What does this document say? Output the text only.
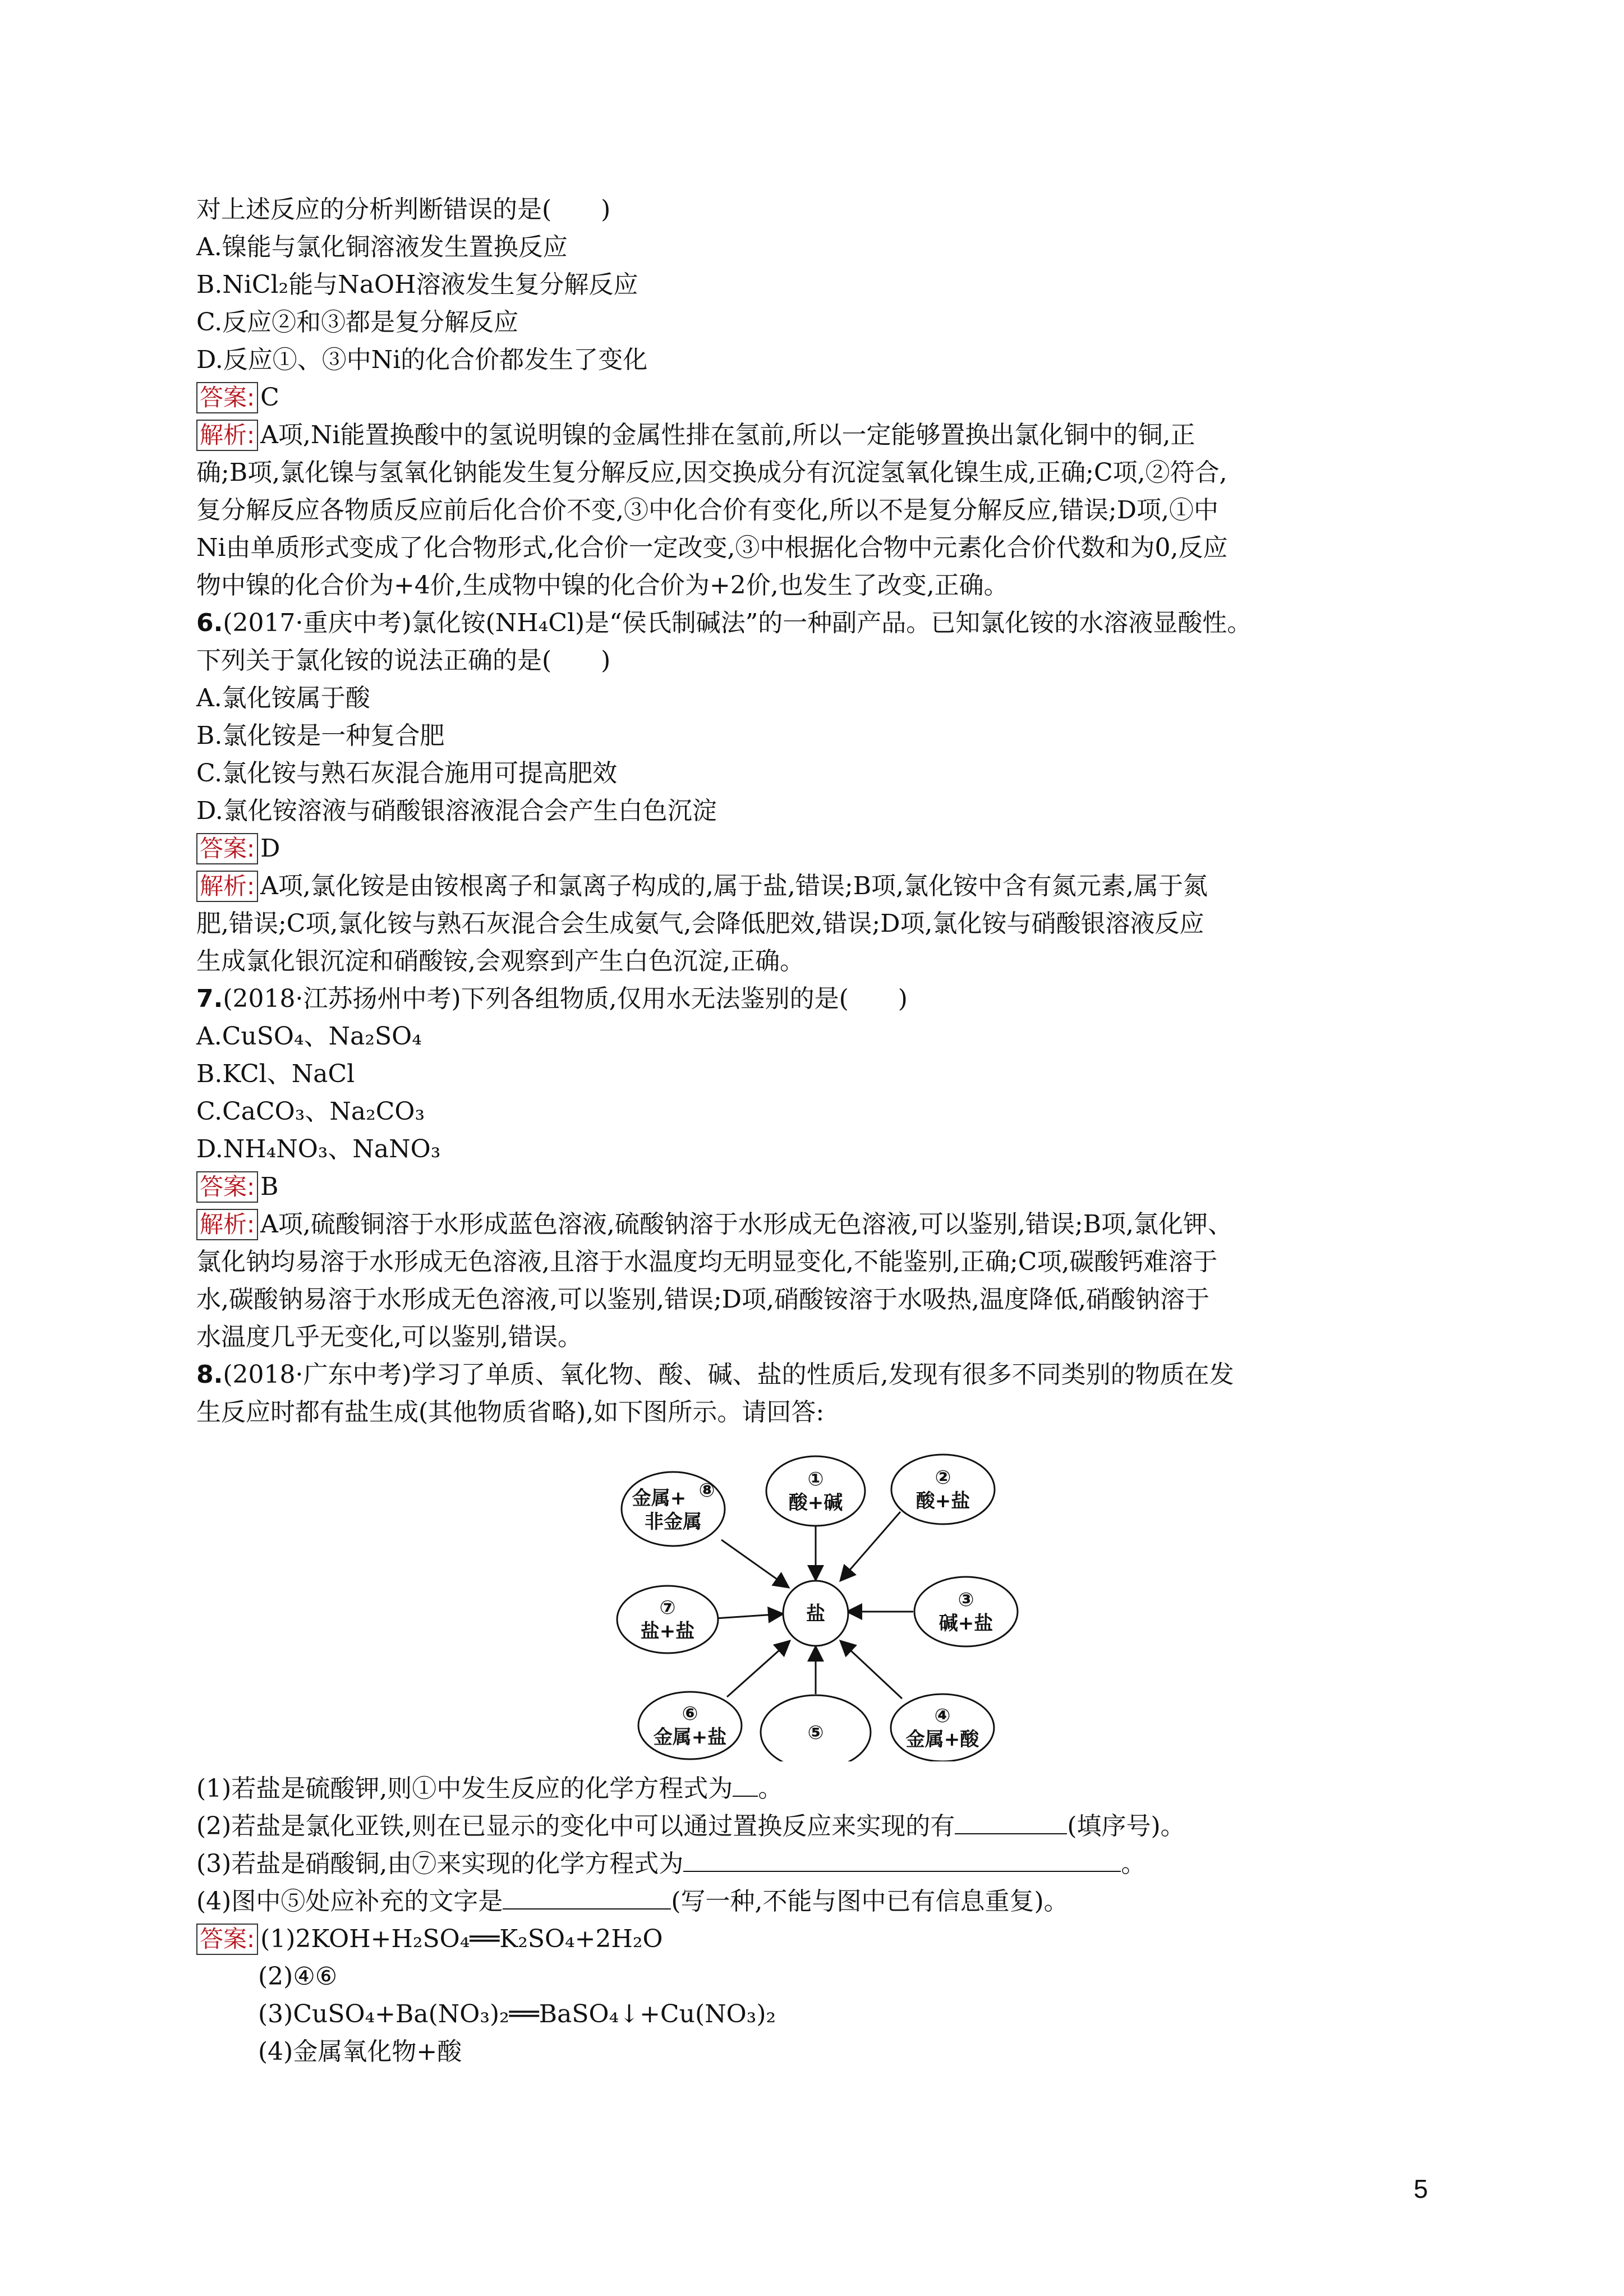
对上述反应的分析判断错误的是(　　)

A.镍能与氯化铜溶液发生置换反应

B.NiCl₂能与NaOH溶液发生复分解反应

C.反应②和③都是复分解反应

D.反应①、③中Ni的化合价都发生了变化

答案: C

解析: A项,Ni能置换酸中的氢说明镍的金属性排在氢前,所以一定能够置换出氯化铜中的铜,正

确;B项,氯化镍与氢氧化钠能发生复分解反应,因交换成分有沉淀氢氧化镍生成,正确;C项,②符合,

复分解反应各物质反应前后化合价不变,③中化合价有变化,所以不是复分解反应,错误;D项,①中

Ni由单质形式变成了化合物形式,化合价一定改变,③中根据化合物中元素化合价代数和为0,反应

物中镍的化合价为+4价,生成物中镍的化合价为+2价,也发生了改变,正确。

6.(2017·重庆中考)氯化铵(NH₄Cl)是“侯氏制碱法”的一种副产品。已知氯化铵的水溶液显酸性。

下列关于氯化铵的说法正确的是(　　)

A.氯化铵属于酸

B.氯化铵是一种复合肥

C.氯化铵与熟石灰混合施用可提高肥效

D.氯化铵溶液与硝酸银溶液混合会产生白色沉淀

答案: D

解析: A项,氯化铵是由铵根离子和氯离子构成的,属于盐,错误;B项,氯化铵中含有氮元素,属于氮

肥,错误;C项,氯化铵与熟石灰混合会生成氨气,会降低肥效,错误;D项,氯化铵与硝酸银溶液反应

生成氯化银沉淀和硝酸铵,会观察到产生白色沉淀,正确。

7.(2018·江苏扬州中考)下列各组物质,仅用水无法鉴别的是(　　)

A.CuSO₄、Na₂SO₄

B.KCl、NaCl

C.CaCO₃、Na₂CO₃

D.NH₄NO₃、NaNO₃

答案: B

解析: A项,硫酸铜溶于水形成蓝色溶液,硫酸钠溶于水形成无色溶液,可以鉴别,错误;B项,氯化钾、

氯化钠均易溶于水形成无色溶液,且溶于水温度均无明显变化,不能鉴别,正确;C项,碳酸钙难溶于

水,碳酸钠易溶于水形成无色溶液,可以鉴别,错误;D项,硝酸铵溶于水吸热,温度降低,硝酸钠溶于

水温度几乎无变化,可以鉴别,错误。

8.(2018·广东中考)学习了单质、氧化物、酸、碱、盐的性质后,发现有很多不同类别的物质在发

生反应时都有盐生成(其他物质省略),如下图所示。请回答:

盐
①
酸+碱
②
酸+盐
③
碱+盐
④
金属+酸
⑤
⑥
金属+盐
⑦
盐+盐
⑧
金属+
非金属

(1)若盐是硫酸钾,则①中发生反应的化学方程式为 。

(2)若盐是氯化亚铁,则在已显示的变化中可以通过置换反应来实现的有	(填序号)。

(3)若盐是硝酸铜,由⑦来实现的化学方程式为	。

(4)图中⑤处应补充的文字是	(写一种,不能与图中已有信息重复)。

答案: (1)2KOH+H₂SO₄══K₂SO₄+2H₂O

(2)④⑥

(3)CuSO₄+Ba(NO₃)₂══BaSO₄↓+Cu(NO₃)₂

(4)金属氧化物+酸

5
